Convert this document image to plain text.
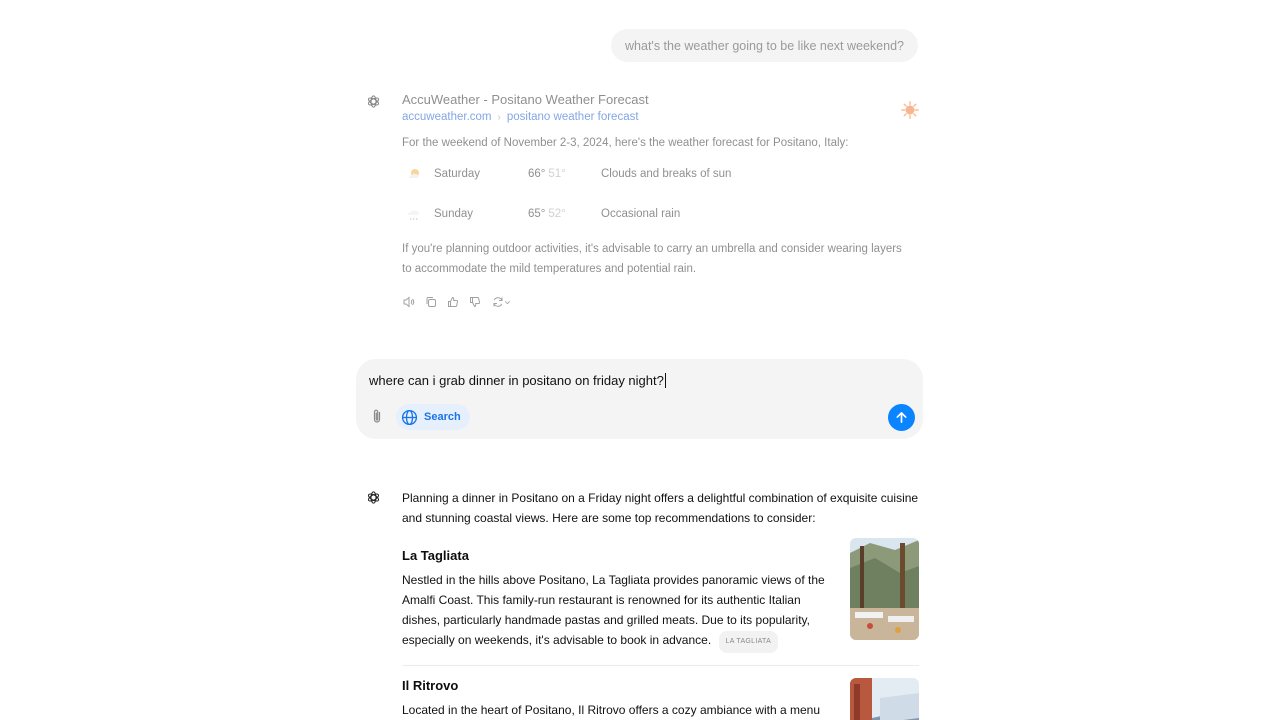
what's the weather going to be like next weekend?
AccuWeather - Positano Weather Forecast
accuweather.com › positano weather forecast
For the weekend of November 2-3, 2024, here's the weather forecast for Positano, Italy:
Saturday	66° 51°	Clouds and breaks of sun
Sunday	65° 52°	Occasional rain
If you're planning outdoor activities, it's advisable to carry an umbrella and consider wearing layers to accommodate the mild temperatures and potential rain.
where can i grab dinner in positano on friday night?
Search
Planning a dinner in Positano on a Friday night offers a delightful combination of exquisite cuisine and stunning coastal views. Here are some top recommendations to consider:
La Tagliata
Nestled in the hills above Positano, La Tagliata provides panoramic views of the Amalfi Coast. This family-run restaurant is renowned for its authentic Italian dishes, particularly handmade pastas and grilled meats. Due to its popularity, especially on weekends, it's advisable to book in advance. LA TAGLIATA
Il Ritrovo
Located in the heart of Positano, Il Ritrovo offers a cozy ambiance with a menu
